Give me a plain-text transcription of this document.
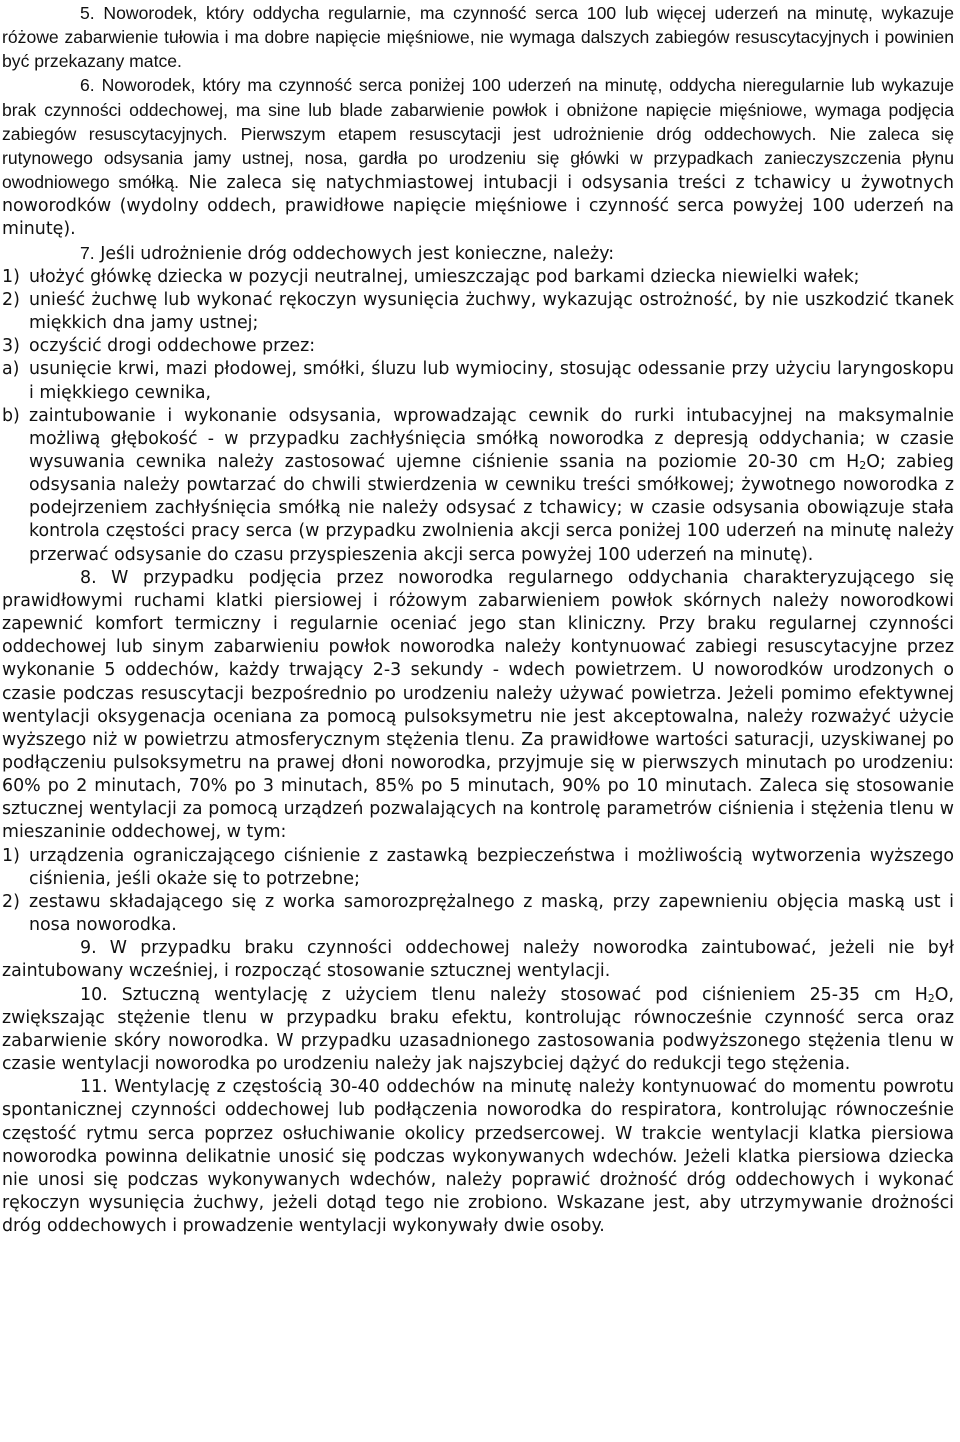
5. Noworodek, który oddycha regularnie, ma czynność serca 100 lub więcej uderzeń na minutę, wykazuje różowe zabarwienie tułowia i ma dobre napięcie mięśniowe, nie wymaga dalszych zabiegów resuscytacyjnych i powinien być przekazany matce.

6. Noworodek, który ma czynność serca poniżej 100 uderzeń na minutę, oddycha nieregularnie lub wykazuje brak czynności oddechowej, ma sine lub blade zabarwienie powłok i obniżone napięcie mięśniowe, wymaga podjęcia zabiegów resuscytacyjnych. Pierwszym etapem resuscytacji jest udrożnienie dróg oddechowych. Nie zaleca się rutynowego odsysania jamy ustnej, nosa, gardła po urodzeniu się główki w przypadkach zanieczyszczenia płynu owodniowego smółką. Nie zaleca się natychmiastowej intubacji i odsysania treści z tchawicy u żywotnych noworodków (wydolny oddech, prawidłowe napięcie mięśniowe i czynność serca powyżej 100 uderzeń na minutę).

7. Jeśli udrożnienie dróg oddechowych jest konieczne, należy:

1) ułożyć główkę dziecka w pozycji neutralnej, umieszczając pod barkami dziecka niewielki wałek;
2) unieść żuchwę lub wykonać rękoczyn wysunięcia żuchwy, wykazując ostrożność, by nie uszkodzić tkanek miękkich dna jamy ustnej;
3) oczyścić drogi oddechowe przez:
a) usunięcie krwi, mazi płodowej, smółki, śluzu lub wymiociny, stosując odessanie przy użyciu laryngoskopu i miękkiego cewnika,
b) zaintubowanie i wykonanie odsysania, wprowadzając cewnik do rurki intubacyjnej na maksymalnie możliwą głębokość - w przypadku zachłyśnięcia smółką noworodka z depresją oddychania; w czasie wysuwania cewnika należy zastosować ujemne ciśnienie ssania na poziomie 20-30 cm $H_2O$; zabieg odsysania należy powtarzać do chwili stwierdzenia w cewniku treści smółkowej; żywotnego noworodka z podejrzeniem zachłyśnięcia smółką nie należy odsysać z tchawicy; w czasie odsysania obowiązuje stała kontrola częstości pracy serca (w przypadku zwolnienia akcji serca poniżej 100 uderzeń na minutę należy przerwać odsysanie do czasu przyspieszenia akcji serca powyżej 100 uderzeń na minutę).

8. W przypadku podjęcia przez noworodka regularnego oddychania charakteryzującego się prawidłowymi ruchami klatki piersiowej i różowym zabarwieniem powłok skórnych należy noworodkowi zapewnić komfort termiczny i regularnie oceniać jego stan kliniczny. Przy braku regularnej czynności oddechowej lub sinym zabarwieniu powłok noworodka należy kontynuować zabiegi resuscytacyjne przez wykonanie 5 oddechów, każdy trwający 2-3 sekundy - wdech powietrzem. U noworodków urodzonych o czasie podczas resuscytacji bezpośrednio po urodzeniu należy używać powietrza. Jeżeli pomimo efektywnej wentylacji oksygenacja oceniana za pomocą pulsoksymetru nie jest akceptowalna, należy rozważyć użycie wyższego niż w powietrzu atmosferycznym stężenia tlenu. Za prawidłowe wartości saturacji, uzyskiwanej po podłączeniu pulsoksymetru na prawej dłoni noworodka, przyjmuje się w pierwszych minutach po urodzeniu: 60% po 2 minutach, 70% po 3 minutach, 85% po 5 minutach, 90% po 10 minutach. Zaleca się stosowanie sztucznej wentylacji za pomocą urządzeń pozwalających na kontrolę parametrów ciśnienia i stężenia tlenu w mieszaninie oddechowej, w tym:

1) urządzenia ograniczającego ciśnienie z zastawką bezpieczeństwa i możliwością wytworzenia wyższego ciśnienia, jeśli okaże się to potrzebne;
2) zestawu składającego się z worka samorozprężalnego z maską, przy zapewnieniu objęcia maską ust i nosa noworodka.

9. W przypadku braku czynności oddechowej należy noworodka zaintubować, jeżeli nie był zaintubowany wcześniej, i rozpocząć stosowanie sztucznej wentylacji.

10. Sztuczną wentylację z użyciem tlenu należy stosować pod ciśnieniem 25-35 cm $H_2O$, zwiększając stężenie tlenu w przypadku braku efektu, kontrolując równocześnie czynność serca oraz zabarwienie skóry noworodka. W przypadku uzasadnionego zastosowania podwyższonego stężenia tlenu w czasie wentylacji noworodka po urodzeniu należy jak najszybciej dążyć do redukcji tego stężenia.

11. Wentylację z częstością 30-40 oddechów na minutę należy kontynuować do momentu powrotu spontanicznej czynności oddechowej lub podłączenia noworodka do respiratora, kontrolując równocześnie częstość rytmu serca poprzez osłuchiwanie okolicy przedsercowej. W trakcie wentylacji klatka piersiowa noworodka powinna delikatnie unosić się podczas wykonywanych wdechów. Jeżeli klatka piersiowa dziecka nie unosi się podczas wykonywanych wdechów, należy poprawić drożność dróg oddechowych i wykonać rękoczyn wysunięcia żuchwy, jeżeli dotąd tego nie zrobiono. Wskazane jest, aby utrzymywanie drożności dróg oddechowych i prowadzenie wentylacji wykonywały dwie osoby.
